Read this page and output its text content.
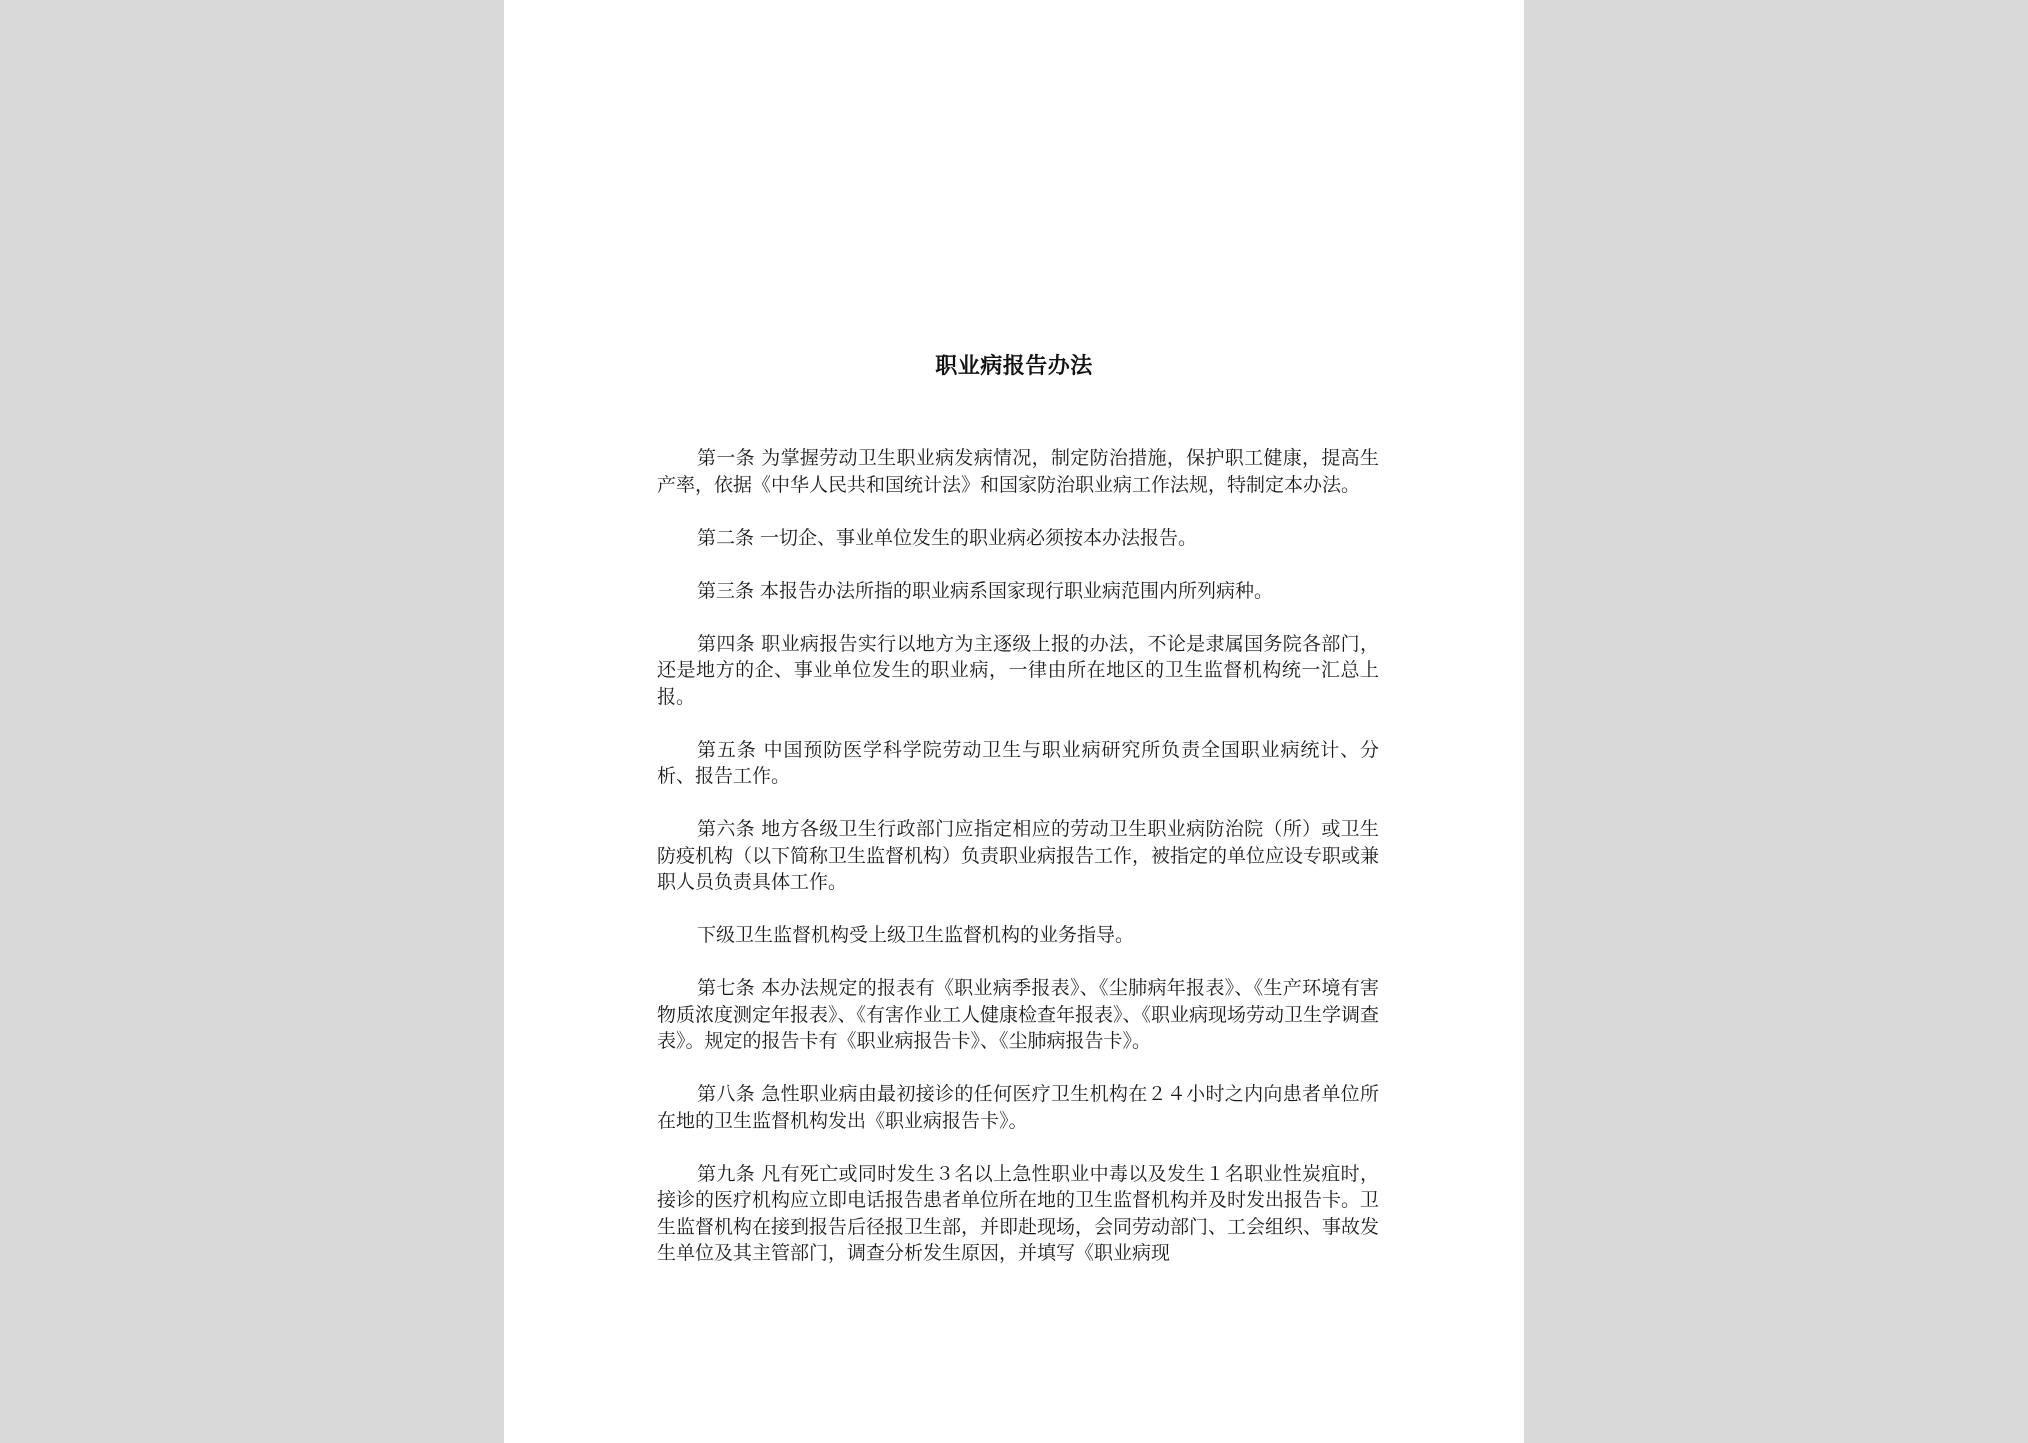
职业病报告办法

第一条 为掌握劳动卫生职业病发病情况，制定防治措施，保护职工健康，提高生产率，依据《中华人民共和国统计法》和国家防治职业病工作法规，特制定本办法。

第二条 一切企、事业单位发生的职业病必须按本办法报告。

第三条 本报告办法所指的职业病系国家现行职业病范围内所列病种。

第四条 职业病报告实行以地方为主逐级上报的办法，不论是隶属国务院各部门，还是地方的企、事业单位发生的职业病，一律由所在地区的卫生监督机构统一汇总上报。

第五条 中国预防医学科学院劳动卫生与职业病研究所负责全国职业病统计、分析、报告工作。

第六条 地方各级卫生行政部门应指定相应的劳动卫生职业病防治院（所）或卫生防疫机构（以下简称卫生监督机构）负责职业病报告工作，被指定的单位应设专职或兼职人员负责具体工作。

下级卫生监督机构受上级卫生监督机构的业务指导。

第七条 本办法规定的报表有《职业病季报表》、《尘肺病年报表》、《生产环境有害物质浓度测定年报表》、《有害作业工人健康检查年报表》、《职业病现场劳动卫生学调查表》。规定的报告卡有《职业病报告卡》、《尘肺病报告卡》。

第八条 急性职业病由最初接诊的任何医疗卫生机构在２４小时之内向患者单位所在地的卫生监督机构发出《职业病报告卡》。

第九条 凡有死亡或同时发生３名以上急性职业中毒以及发生１名职业性炭疽时，接诊的医疗机构应立即电话报告患者单位所在地的卫生监督机构并及时发出报告卡。卫生监督机构在接到报告后径报卫生部，并即赴现场，会同劳动部门、工会组织、事故发生单位及其主管部门，调查分析发生原因，并填写《职业病现
